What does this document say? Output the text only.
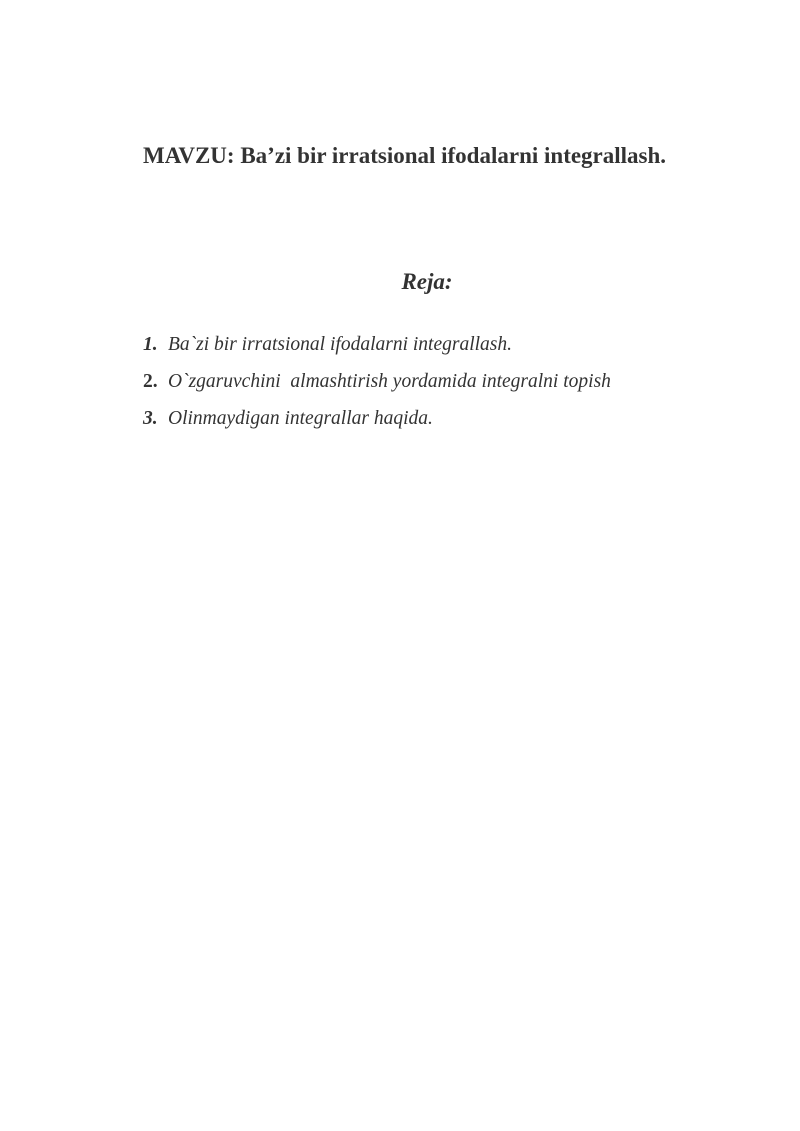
MAVZU: Ba’zi bir irratsional ifodalarni integrallash.
Reja:
1. Ba`zi bir irratsional ifodalarni integrallash.
2. O`zgaruvchini  almashtirish yordamida integralni topish
3. Olinmaydigan integrallar haqida.
